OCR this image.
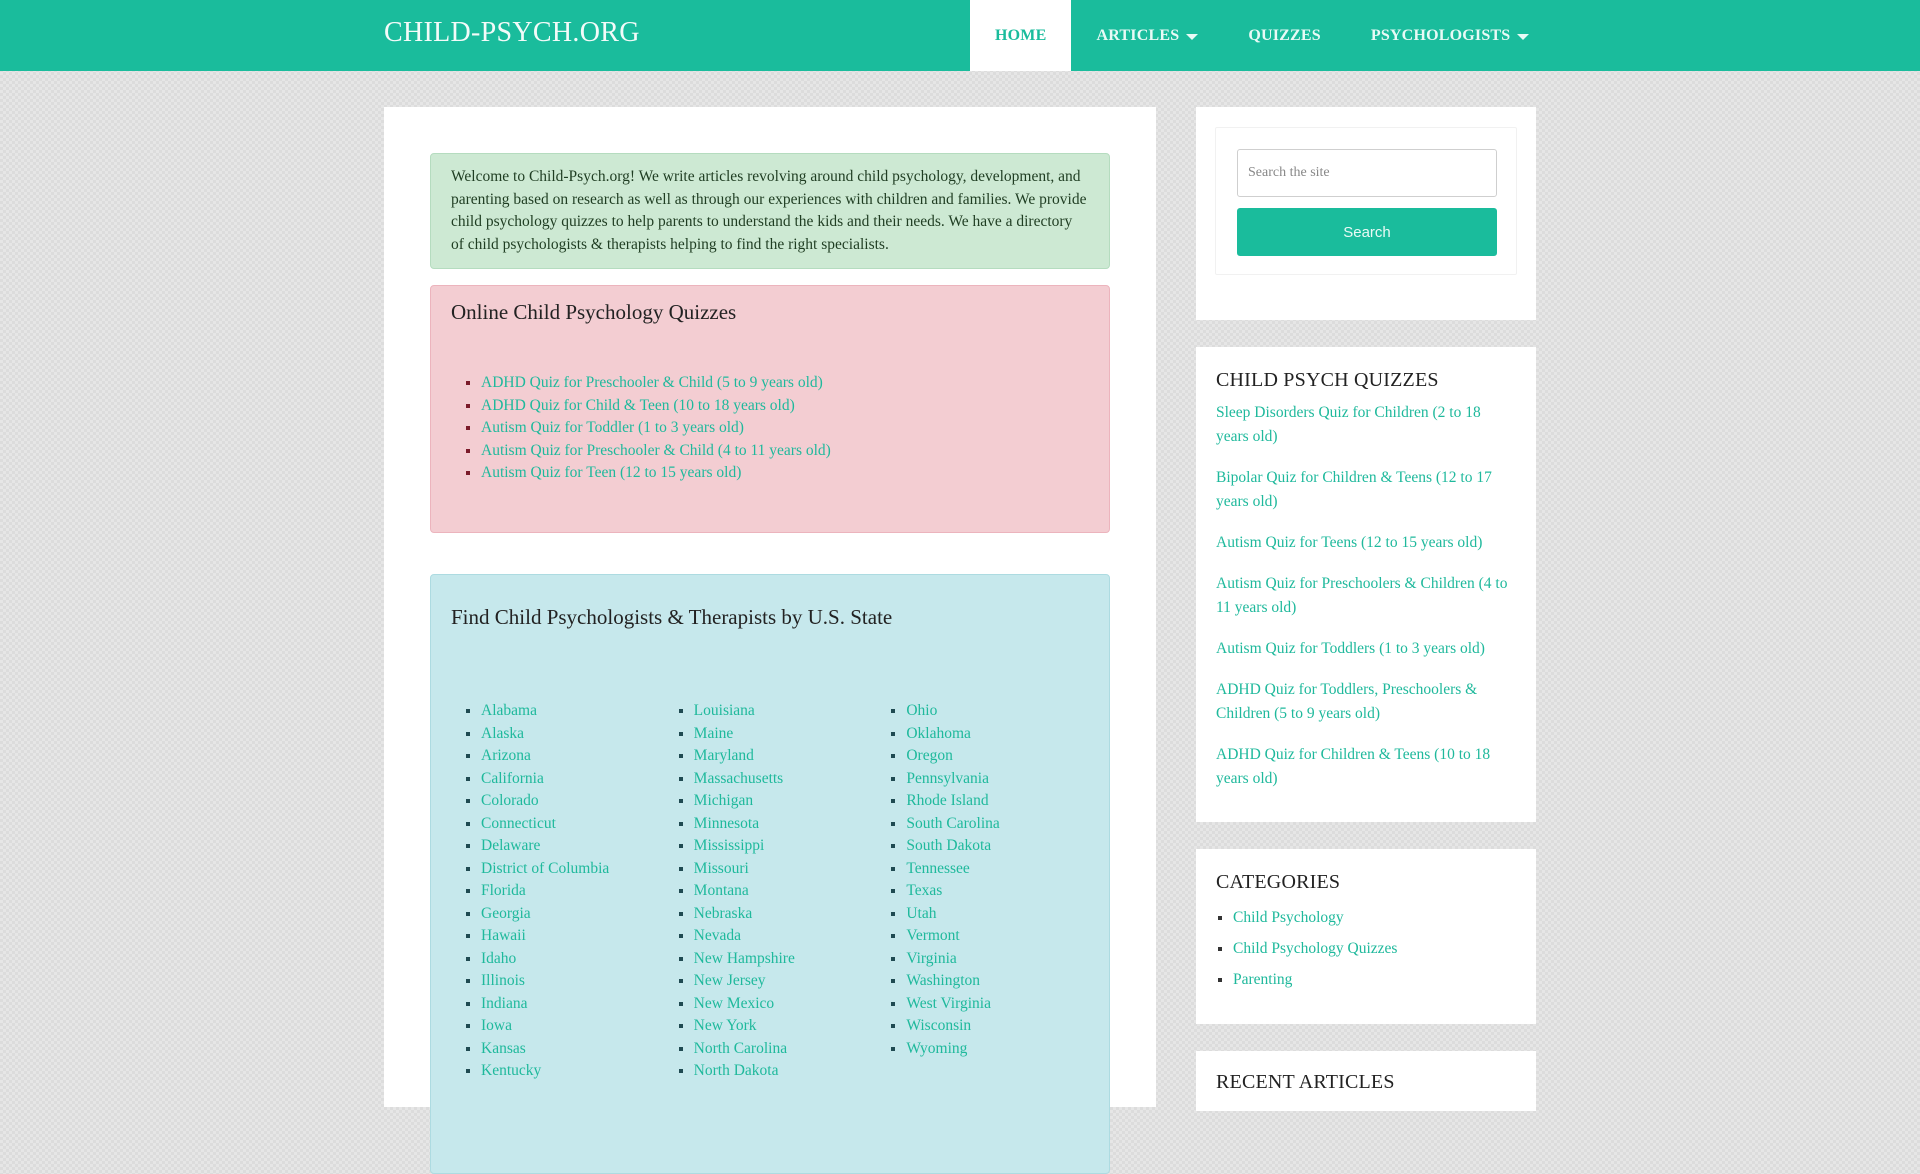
CHILD-PSYCH.ORG	HOME	ARTICLES	QUIZZES	PSYCHOLOGISTS

Welcome to Child-Psych.org! We write articles revolving around child psychology, development, and parenting based on research as well as through our experiences with children and families. We provide child psychology quizzes to help parents to understand the kids and their needs. We have a directory of child psychologists & therapists helping to find the right specialists.

Online Child Psychology Quizzes
▪ ADHD Quiz for Preschooler & Child (5 to 9 years old)
▪ ADHD Quiz for Child & Teen (10 to 18 years old)
▪ Autism Quiz for Toddler (1 to 3 years old)
▪ Autism Quiz for Preschooler & Child (4 to 11 years old)
▪ Autism Quiz for Teen (12 to 15 years old)
Find Child Psychologists & Therapists by U.S. State
▪ Alabama
▪ Alaska
▪ Arizona
▪ California
▪ Colorado
▪ Connecticut
▪ Delaware
▪ District of Columbia
▪ Florida
▪ Georgia
▪ Hawaii
▪ Idaho
▪ Illinois
▪ Indiana
▪ Iowa
▪ Kansas
▪ Kentucky
▪ Louisiana
▪ Maine
▪ Maryland
▪ Massachusetts
▪ Michigan
▪ Minnesota
▪ Mississippi
▪ Missouri
▪ Montana
▪ Nebraska
▪ Nevada
▪ New Hampshire
▪ New Jersey
▪ New Mexico
▪ New York
▪ North Carolina
▪ North Dakota
▪ Ohio
▪ Oklahoma
▪ Oregon
▪ Pennsylvania
▪ Rhode Island
▪ South Carolina
▪ South Dakota
▪ Tennessee
▪ Texas
▪ Utah
▪ Vermont
▪ Virginia
▪ Washington
▪ West Virginia
▪ Wisconsin
▪ Wyoming
Search the site
Search
CHILD PSYCH QUIZZES
Sleep Disorders Quiz for Children (2 to 18 years old)
Bipolar Quiz for Children & Teens (12 to 17 years old)
Autism Quiz for Teens (12 to 15 years old)
Autism Quiz for Preschoolers & Children (4 to 11 years old)
Autism Quiz for Toddlers (1 to 3 years old)
ADHD Quiz for Toddlers, Preschoolers & Children (5 to 9 years old)
ADHD Quiz for Children & Teens (10 to 18 years old)
CATEGORIES
▪ Child Psychology
▪ Child Psychology Quizzes
▪ Parenting
RECENT ARTICLES
